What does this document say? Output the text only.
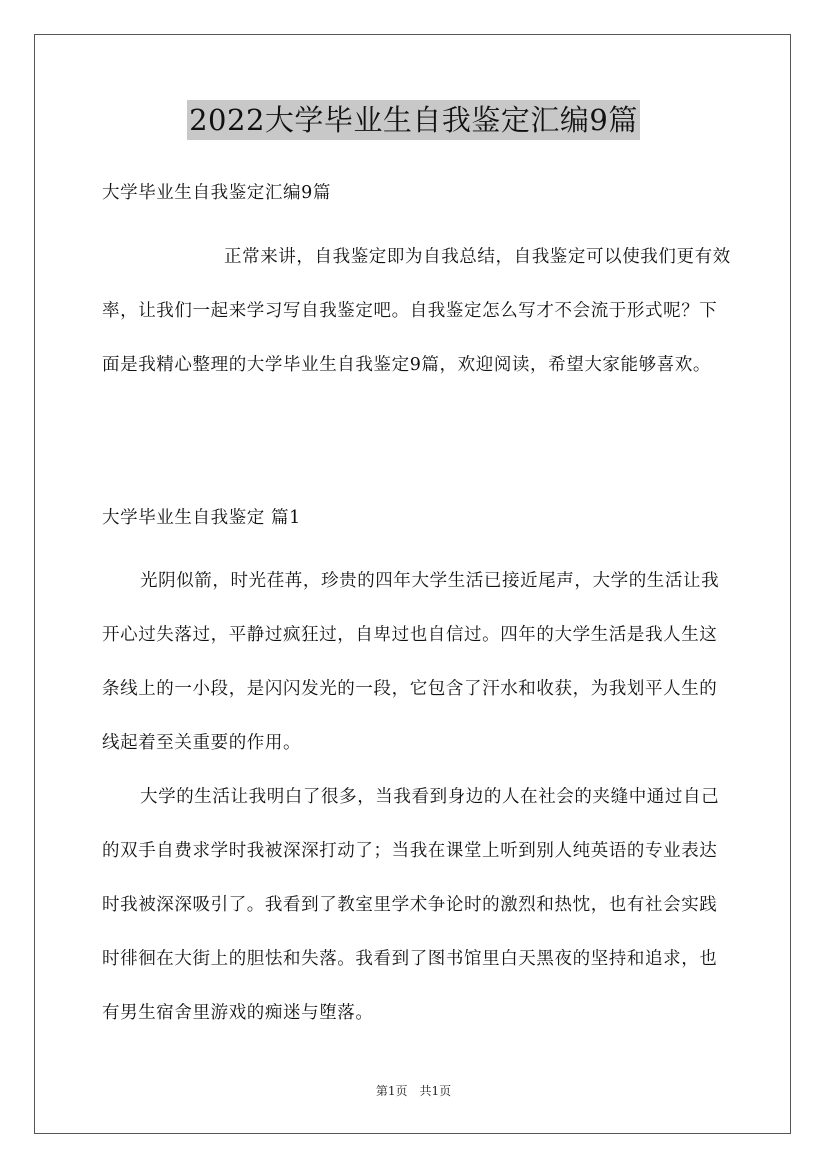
2022大学毕业生自我鉴定汇编9篇
大学毕业生自我鉴定汇编9篇
正常来讲，自我鉴定即为自我总结，自我鉴定可以使我们更有效率，让我们一起来学习写自我鉴定吧。自我鉴定怎么写才不会流于形式呢？下面是我精心整理的大学毕业生自我鉴定9篇，欢迎阅读，希望大家能够喜欢。
大学毕业生自我鉴定 篇1
光阴似箭，时光荏苒，珍贵的四年大学生活已接近尾声，大学的生活让我开心过失落过，平静过疯狂过，自卑过也自信过。四年的大学生活是我人生这条线上的一小段，是闪闪发光的一段，它包含了汗水和收获，为我划平人生的线起着至关重要的作用。
大学的生活让我明白了很多，当我看到身边的人在社会的夹缝中通过自己的双手自费求学时我被深深打动了；当我在课堂上听到别人纯英语的专业表达时我被深深吸引了。我看到了教室里学术争论时的激烈和热忱，也有社会实践时徘徊在大街上的胆怯和失落。我看到了图书馆里白天黑夜的坚持和追求，也有男生宿舍里游戏的痴迷与堕落。
第1页 共1页
